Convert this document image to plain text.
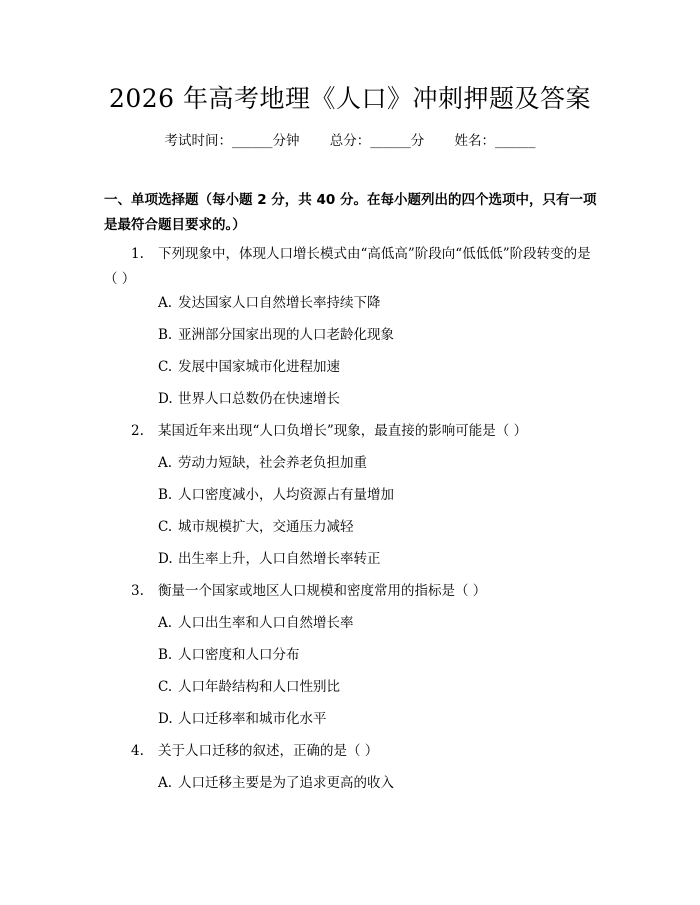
2026 年高考地理《人口》冲刺押题及答案
考试时间：______分钟 总分：______分 姓名：______
一、单项选择题（每小题 2 分，共 40 分。在每小题列出的四个选项中，只有一项是最符合题目要求的。）
1. 下列现象中，体现人口增长模式由“高低高”阶段向“低低低”阶段转变的是（ ）
A. 发达国家人口自然增长率持续下降
B. 亚洲部分国家出现的人口老龄化现象
C. 发展中国家城市化进程加速
D. 世界人口总数仍在快速增长
2. 某国近年来出现“人口负增长”现象，最直接的影响可能是（ ）
A. 劳动力短缺，社会养老负担加重
B. 人口密度减小，人均资源占有量增加
C. 城市规模扩大，交通压力减轻
D. 出生率上升，人口自然增长率转正
3. 衡量一个国家或地区人口规模和密度常用的指标是（ ）
A. 人口出生率和人口自然增长率
B. 人口密度和人口分布
C. 人口年龄结构和人口性别比
D. 人口迁移率和城市化水平
4. 关于人口迁移的叙述，正确的是（ ）
A. 人口迁移主要是为了追求更高的收入
